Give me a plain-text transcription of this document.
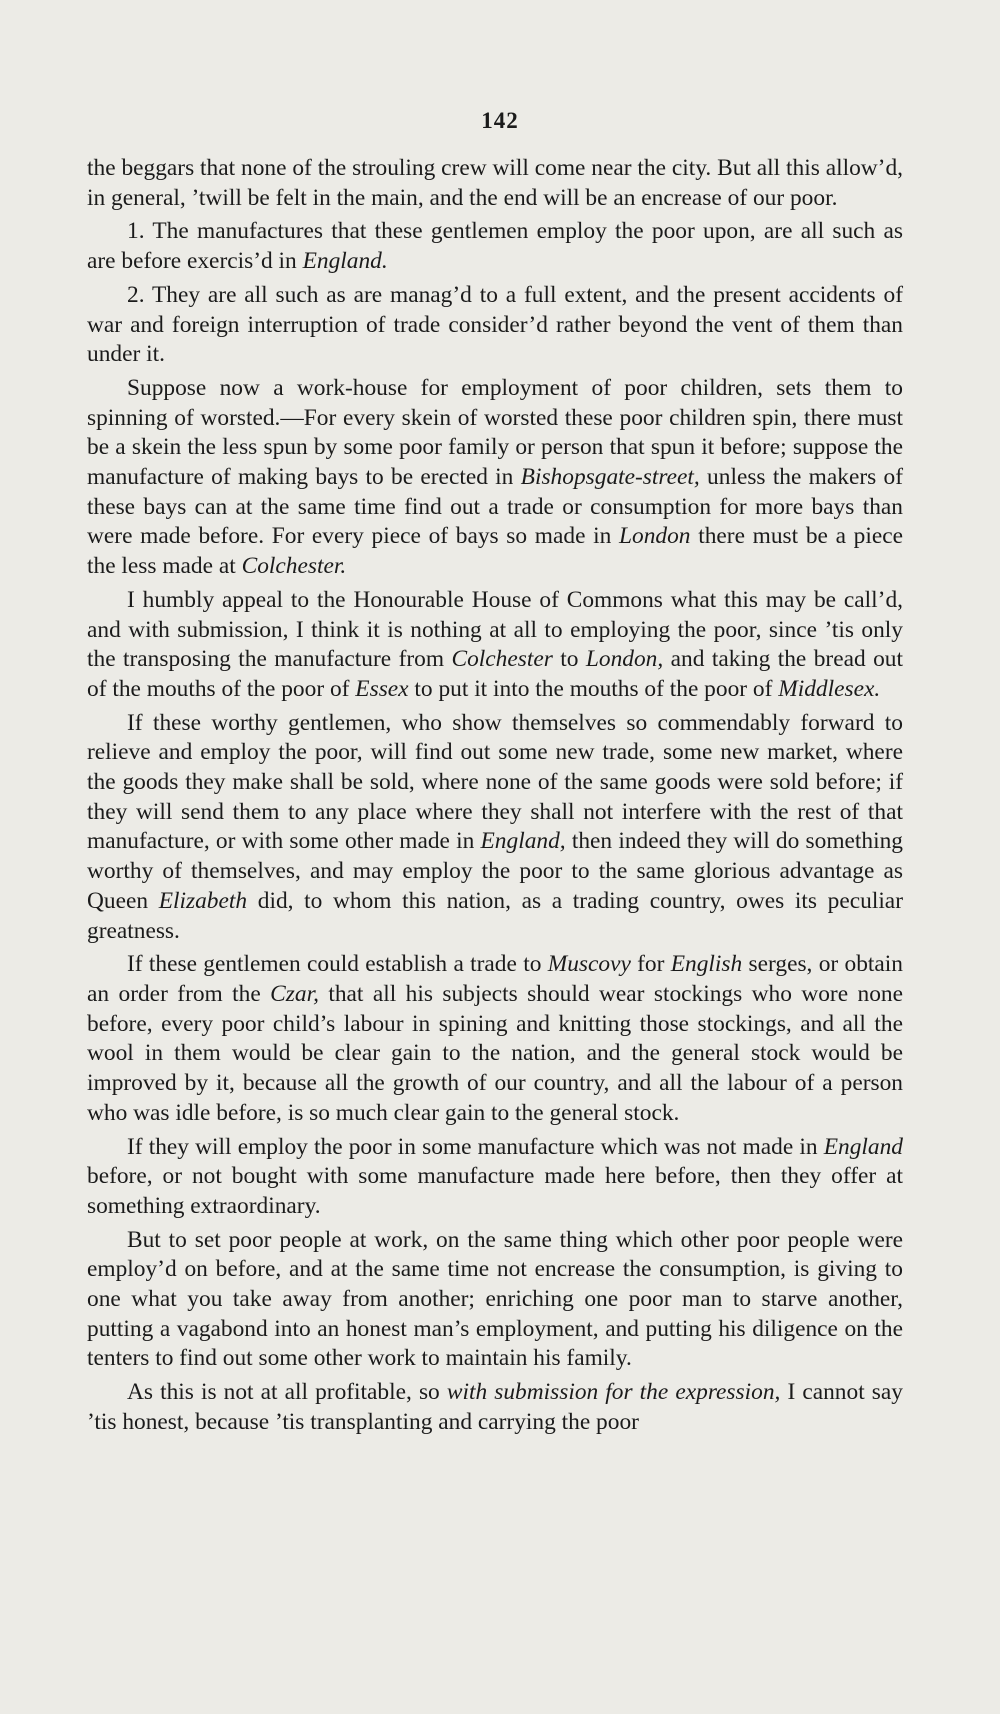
142

the beggars that none of the strouling crew will come near the city. But all this allow’d, in general, ’twill be felt in the main, and the end will be an encrease of our poor.

1. The manufactures that these gentlemen employ the poor upon, are all such as are before exercis’d in England.

2. They are all such as are manag’d to a full extent, and the present accidents of war and foreign interruption of trade consider’d rather beyond the vent of them than under it.

Suppose now a work-house for employment of poor children, sets them to spinning of worsted.—For every skein of worsted these poor children spin, there must be a skein the less spun by some poor family or person that spun it before; suppose the manufacture of making bays to be erected in Bishopsgate-street, unless the makers of these bays can at the same time find out a trade or consumption for more bays than were made before. For every piece of bays so made in London there must be a piece the less made at Colchester.

I humbly appeal to the Honourable House of Commons what this may be call’d, and with submission, I think it is nothing at all to employing the poor, since ’tis only the transposing the manufacture from Colchester to London, and taking the bread out of the mouths of the poor of Essex to put it into the mouths of the poor of Middlesex.

If these worthy gentlemen, who show themselves so commendably forward to relieve and employ the poor, will find out some new trade, some new market, where the goods they make shall be sold, where none of the same goods were sold before; if they will send them to any place where they shall not interfere with the rest of that manufacture, or with some other made in England, then indeed they will do something worthy of themselves, and may employ the poor to the same glorious advantage as Queen Elizabeth did, to whom this nation, as a trading country, owes its peculiar greatness.

If these gentlemen could establish a trade to Muscovy for English serges, or obtain an order from the Czar, that all his subjects should wear stockings who wore none before, every poor child’s labour in spining and knitting those stockings, and all the wool in them would be clear gain to the nation, and the general stock would be improved by it, because all the growth of our country, and all the labour of a person who was idle before, is so much clear gain to the general stock.

If they will employ the poor in some manufacture which was not made in England before, or not bought with some manufacture made here before, then they offer at something extraordinary.

But to set poor people at work, on the same thing which other poor people were employ’d on before, and at the same time not encrease the consumption, is giving to one what you take away from another; enriching one poor man to starve another, putting a vagabond into an honest man’s employment, and putting his diligence on the tenters to find out some other work to maintain his family.

As this is not at all profitable, so with submission for the expression, I cannot say ’tis honest, because ’tis transplanting and carrying the poor
